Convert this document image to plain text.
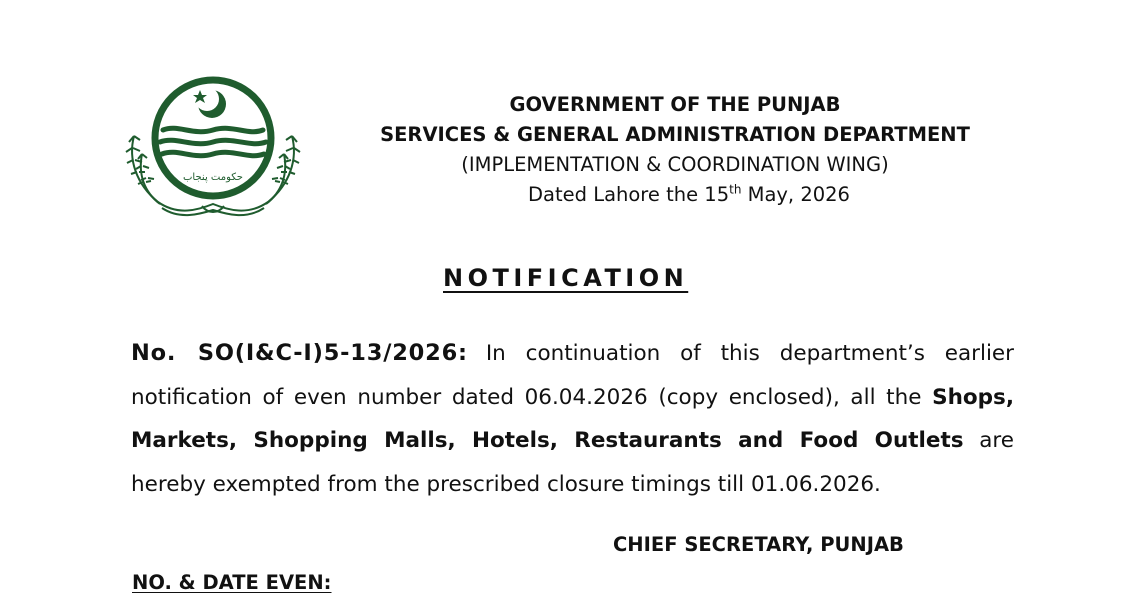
حکومت پنجاب
GOVERNMENT OF THE PUNJAB
SERVICES & GENERAL ADMINISTRATION DEPARTMENT
(IMPLEMENTATION & COORDINATION WING)
Dated Lahore the 15th May, 2026
NOTIFICATION
No. SO(I&C-I)5-13/2026: In continuation of this department’s earlier notification of even number dated 06.04.2026 (copy enclosed), all the Shops, Markets, Shopping Malls, Hotels, Restaurants and Food Outlets are hereby exempted from the prescribed closure timings till 01.06.2026.
CHIEF SECRETARY, PUNJAB
NO. & DATE EVEN:
